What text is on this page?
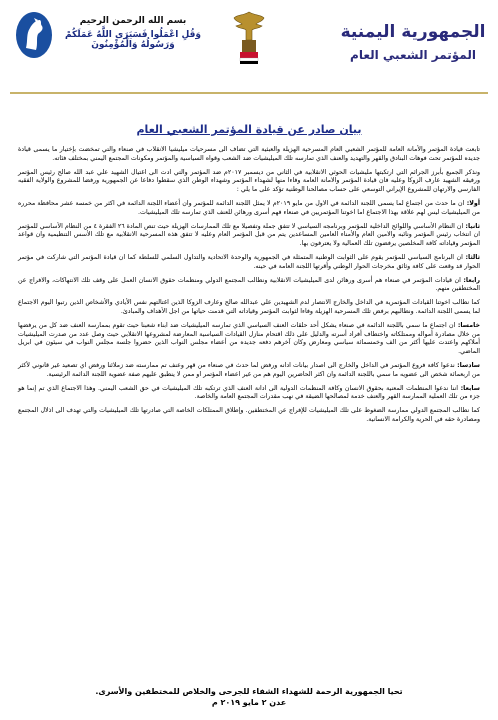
الجمهورية اليمنية
المؤتمر الشعبي العام
بسم الله الرحمن الرحيم
وَقُلِ اعْمَلُوا فَسَيَرَى اللَّهُ عَمَلَكُمْ وَرَسُولُهُ وَالْمُؤْمِنُونَ
بيان صادر عن قيادة المؤتمر الشعبي العام

تابعت قيادة المؤتمر والأمانة العامة للمؤتمر الشعبي العام المسرحية الهزيلة والعبثية التي تضاف الى مسرحيات ميليشيا الانقلاب في صنعاء والتي تمخضت بإختيار ما يسمى قيادة جديده للمؤتمر تحت فوهات البنادق والقهر والتهديد والعنف الذي تمارسه تلك الميليشيات ضد الشعب وقواه السياسية والمؤتمر ومكونات المجتمع اليمني بمختلف فئاته.

ونذكر الجميع بأبرز الجرائم التي ارتكبتها مليشيات الحوثي الانقلابية في الثاني من ديسمبر ٢٠١٧م ضد المؤتمر والتي ادت الى اغتيال الشهيد علي عبد الله صالح رئيس المؤتمر ورفيقه الشهيد عارف الزوكا وعليه فان قيادة المؤتمر والامانة العامة وفاءا منها لشهداء المؤتمر وشهداء الوطن الذي سقطوا دفاعا عن الجمهورية ورفضا للمشروع والولاية الفقيه الفارسي والارتهان للمشروع الإيراني التوسعي على حساب مصالحنا الوطنية تؤكد على ما يلي :

أولا: ان ما حدث من اجتماع لما يسمى اللجنة الدائمة في الاول من مايو ٢٠١٩م لا يمثل اللجنة الدائمة للمؤتمر وان أعضاء اللجنة الدائمة في اكثر من خمسة عشر محافظة محرره من الميليشيات ليس لهم علاقة بهذا الاجتماع اما اخوتنا المؤتمريين في صنعاء فهم أسرى ورهائن للعنف الذي تمارسه تلك الميليشيات.

ثانيا: ان النظام الأساسي واللوائح الداخلية للمؤتمر وبرنامجه السياسي لا تتفق جملة وتفصيلا مع تلك الممارسات الهزيلة حيث تنص المادة ٢٦ الفقرة ٤ من النظام الأساسي للمؤتمر ان انتخاب رئيس المؤتمر ونائبه والامين العام والأمناء العامين المساعدين يتم من قبل المؤتمر العام وعليه لا تتفق هذه المسرحية الانقلابية مع تلك الأسس التنظيمية وان قواعد المؤتمر وقياداته كافة المخلصين يرفضون تلك العمالية ولا يعترفون بها.

ثالثا: ان البرنامج السياسي للمؤتمر يقوم على الثوابت الوطنية المتمثلة في الجمهورية والوحدة الاتحادية والتداول السلمي للسلطة كما ان قيادة المؤتمر التي شاركت في مؤتمر الحوار قد وقعت على كافة وثائق مخرجات الحوار الوطني وأقرتها اللجنة العامة في حينه.

رابعا: ان قيادات المؤتمر في صنعاء هم أسرى ورهائن لدى الميليشيات الانقلابية ونطالب المجتمع الدولي ومنظمات حقوق الانسان العمل على وقف تلك الانتهاكات، والافراج عن المختطفين منهم.

كما نطالب اخوتنا القيادات المؤتمرية في الداخل والخارج الانتصار لدم الشهيدين علي عبدالله صالح وعارف الزوكا الذين اغتالتهم نفس الأيادي والأشخاص الذين رتبوا اليوم الاجتماع لما يسمى اللجنة الدائمة. ونطالبهم برفض تلك المسرحية الهزيلة وفاءا لثوابت المؤتمر وقياداته التي قدمت حياتها من اجل الأهداف والمبادئ.

خامسا: ان اجتماع ما سمي باللجنة الدائمة في صنعاء يشكل أحد حلقات العنف السياسي الذي تمارسه الميليشيات ضد ابناء شعبنا حيث تقوم بممارسة العنف ضد كل من يرفضها من خلال مصادرة أمواله وممتلكاته واختطاف أفراد أسرته والدليل على ذلك اقتحام منازل القيادات السياسية المعارضة لمشروعها الانقلابي حيث وصل عدد من صدرت الميليشيات أملاكهم واعتدت عليها أكثر من الف وخمسمائة سياسي ومعارض وكان آخرهم دفعه جديده من أعضاء مجلس النواب الذين حضروا جلسة مجلس النواب في سيئون في ابريل الماضي.

سادسا: ندعوا كافة فروع المؤتمر في الداخل والخارج الى اصدار بيانات ادانه ورفض لما حدث في صنعاء من قهر وعنف تم ممارسته ضد زملائنا ورفض اي تصعيد غير قانوني لأكثر من اربعمائة شخص الى عضويه ما سمي باللجنة الدائمة وان اكثر الحاضرين اليوم هم من غير اعضاء المؤتمر او ممن لا ينطبق عليهم صفة عضوية اللجنة الدائمة الرئيسية.

سابعا: اننا ندعوا المنظمات المعنية بحقوق الانسان وكافة المنظمات الدولية الى ادانة العنف الذي ترتكبه تلك الميليشيات في حق الشعب اليمني. وهذا الاجتماع الذي تم إنما هو جزء من تلك العملية الممارسة القهر والعنف خدمة لمصالحها الضيقة في نهب مقدرات المجتمع العامة والخاصة.

كما نطالب المجتمع الدولي ممارسة الضغوط على تلك الميليشيات للإفراج عن المختطفين. وإطلاق الممتلكات الخاصة التي صادرتها تلك الميليشيات والتي تهدف الى اذلال المجتمع ومصادرة حقه في الحرية والكرامة الانسانية.

تحيا الجمهورية الرحمة للشهداء الشفاء للجرحى والخلاص للمختطفين والأسرى.
عدن ٢ مايو ٢٠١٩ م
